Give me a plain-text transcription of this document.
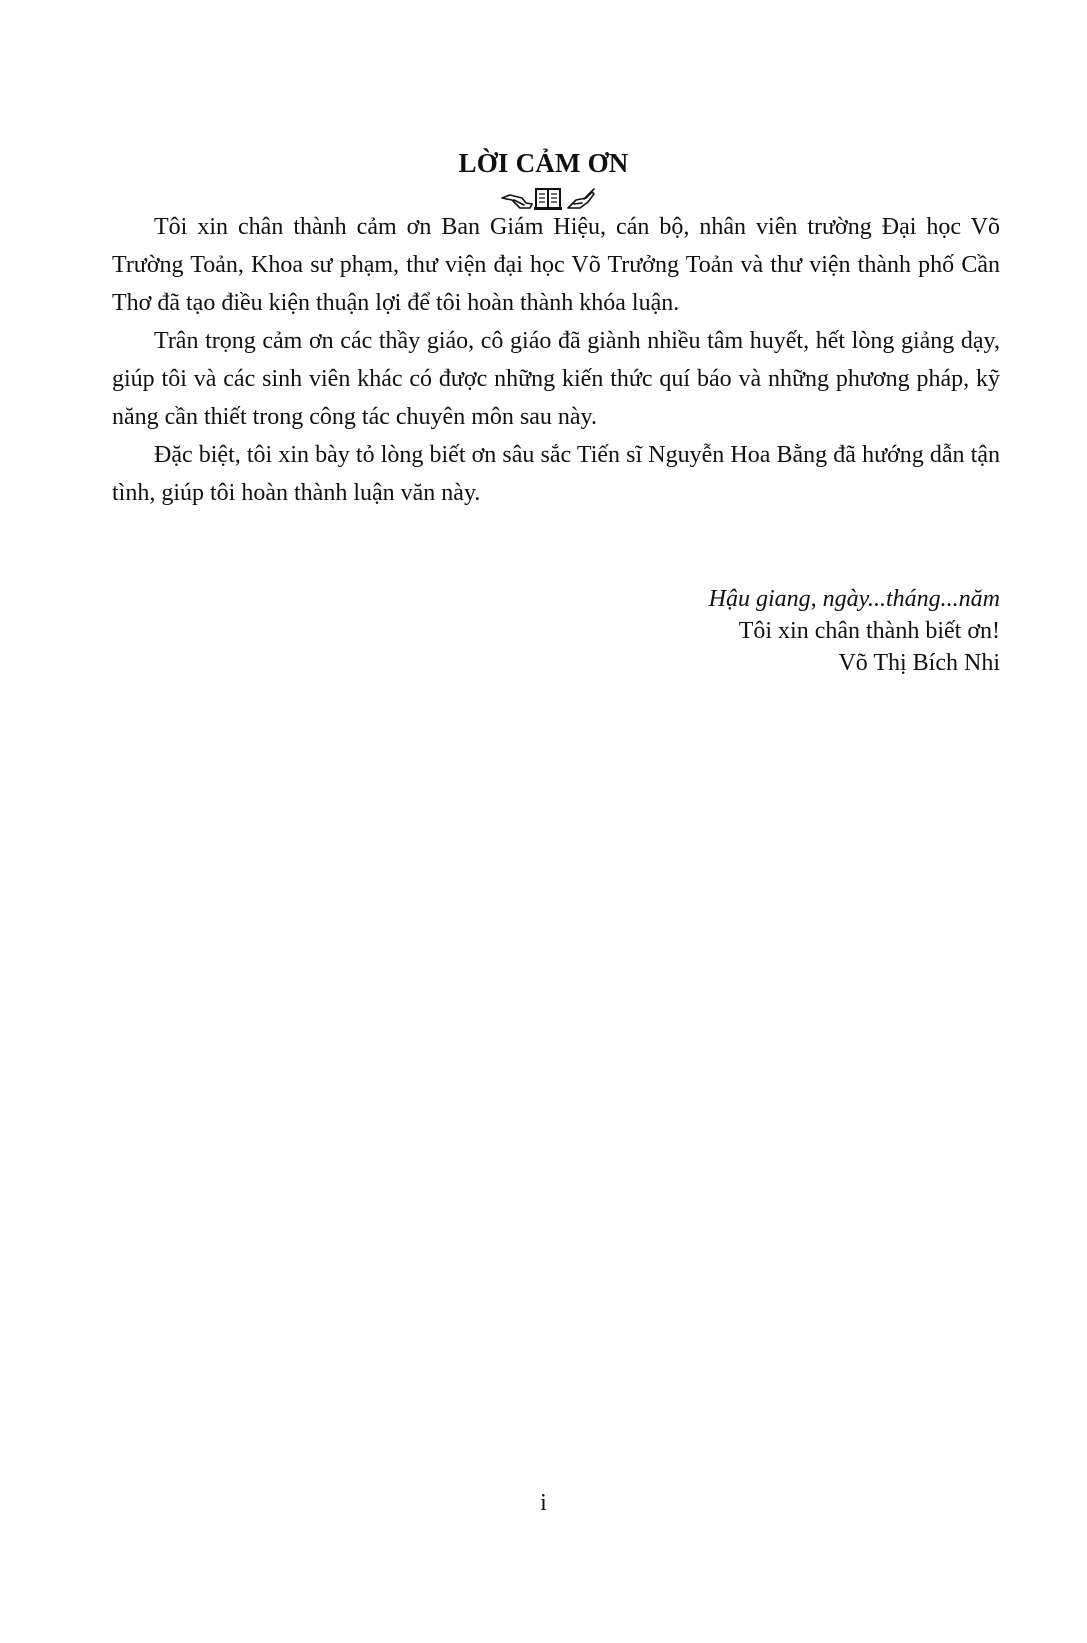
LỜI CẢM ƠN

Tôi xin chân thành cảm ơn Ban Giám Hiệu, cán bộ, nhân viên trường Đại học Võ Trường Toản, Khoa sư phạm, thư viện đại học Võ Trưởng Toản và thư viện thành phố Cần Thơ đã tạo điều kiện thuận lợi để tôi hoàn thành khóa luận.

Trân trọng cảm ơn các thầy giáo, cô giáo đã giành nhiều tâm huyết, hết lòng giảng dạy, giúp tôi và các sinh viên khác có được những kiến thức quí báo và những phương pháp, kỹ năng cần thiết trong công tác chuyên môn sau này.

Đặc biệt, tôi xin bày tỏ lòng biết ơn sâu sắc Tiến sĩ Nguyễn Hoa Bằng đã hướng dẫn tận tình, giúp tôi hoàn thành luận văn này.

Hậu giang, ngày...tháng...năm
Tôi xin chân thành biết ơn!
Võ Thị Bích Nhi
i
